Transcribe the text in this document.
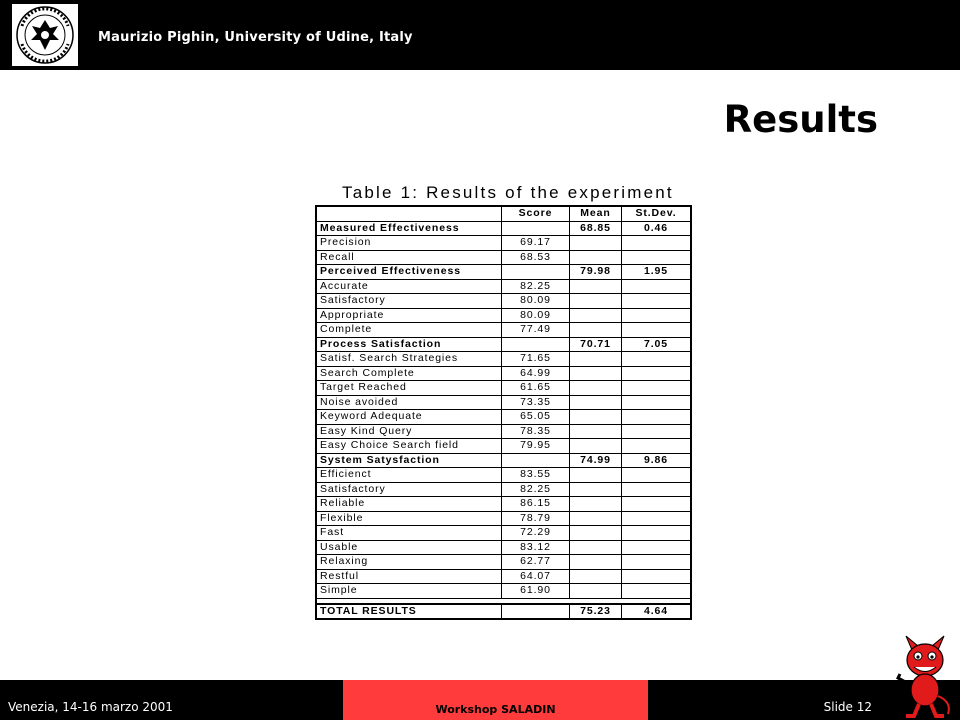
Maurizio Pighin, University of Udine, Italy
Results
Table 1: Results of the experiment
	Score	Mean	St.Dev.
Measured Effectiveness		68.85	0.46
Precision	69.17		
Recall	68.53		
Perceived Effectiveness		79.98	1.95
Accurate	82.25		
Satisfactory	80.09		
Appropriate	80.09		
Complete	77.49		
Process Satisfaction		70.71	7.05
Satisf. Search Strategies	71.65		
Search Complete	64.99		
Target Reached	61.65		
Noise avoided	73.35		
Keyword Adequate	65.05		
Easy Kind Query	78.35		
Easy Choice Search field	79.95		
System Satysfaction		74.99	9.86
Efficienct	83.55		
Satisfactory	82.25		
Reliable	86.15		
Flexible	78.79		
Fast	72.29		
Usable	83.12		
Relaxing	62.77		
Restful	64.07		
Simple	61.90		

TOTAL RESULTS		75.23	4.64
Venezia, 14-16 marzo 2001	Workshop SALADIN	Slide 12
